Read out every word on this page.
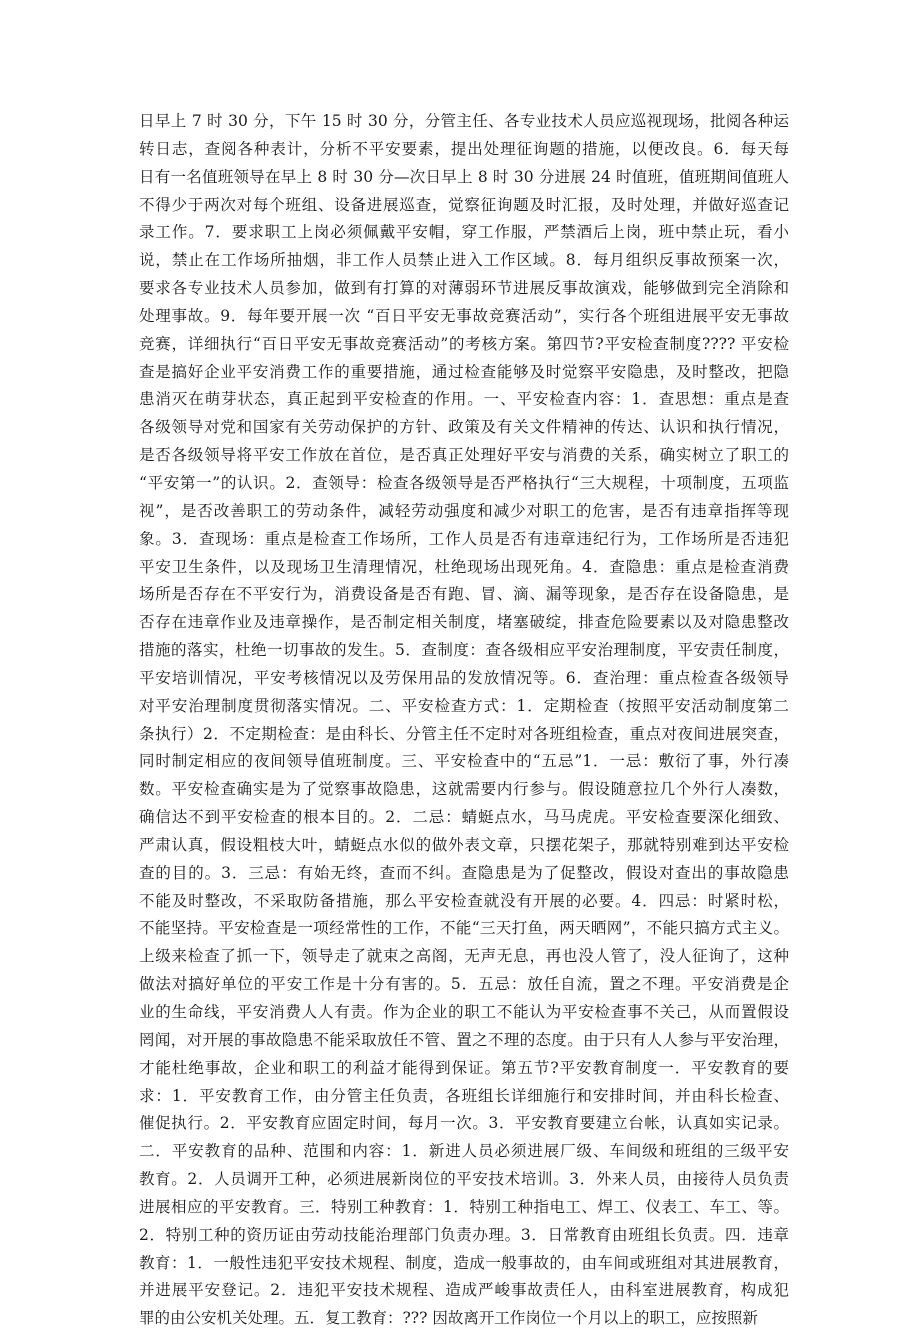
日早上 7 时 30 分，下午 15 时 30 分，分管主任、各专业技术人员应巡视现场，批阅各种运
转日志，查阅各种表计，分析不平安要素，提出处理征询题的措施，以便改良。6．每天每
日有一名值班领导在早上 8 时 30 分—次日早上 8 时 30 分进展 24 时值班，值班期间值班人
不得少于两次对每个班组、设备进展巡查，觉察征询题及时汇报，及时处理，并做好巡查记
录工作。7．要求职工上岗必须佩戴平安帽，穿工作服，严禁酒后上岗，班中禁止玩，看小
说，禁止在工作场所抽烟，非工作人员禁止进入工作区域。8．每月组织反事故预案一次，
要求各专业技术人员参加，做到有打算的对薄弱环节进展反事故演戏，能够做到完全消除和
处理事故。9．每年要开展一次 “百日平安无事故竞赛活动”，实行各个班组进展平安无事故
竞赛，详细执行“百日平安无事故竞赛活动”的考核方案。第四节?平安检查制度???? 平安检
查是搞好企业平安消费工作的重要措施，通过检查能够及时觉察平安隐患，及时整改，把隐
患消灭在萌芽状态，真正起到平安检查的作用。一、平安检查内容：1．查思想：重点是查
各级领导对党和国家有关劳动保护的方针、政策及有关文件精神的传达、认识和执行情况，
是否各级领导将平安工作放在首位，是否真正处理好平安与消费的关系，确实树立了职工的
“平安第一”的认识。2．查领导：检查各级领导是否严格执行“三大规程，十项制度，五项监
视”，是否改善职工的劳动条件，减轻劳动强度和减少对职工的危害，是否有违章指挥等现
象。3．查现场：重点是检查工作场所，工作人员是否有违章违纪行为，工作场所是否违犯
平安卫生条件，以及现场卫生清理情况，杜绝现场出现死角。4．查隐患：重点是检查消费
场所是否存在不平安行为，消费设备是否有跑、冒、滴、漏等现象，是否存在设备隐患，是
否存在违章作业及违章操作，是否制定相关制度，堵塞破绽，排查危险要素以及对隐患整改
措施的落实，杜绝一切事故的发生。5．查制度：查各级相应平安治理制度，平安责任制度，
平安培训情况，平安考核情况以及劳保用品的发放情况等。6．查治理：重点检查各级领导
对平安治理制度贯彻落实情况。二、平安检查方式：1．定期检查（按照平安活动制度第二
条执行）2．不定期检查：是由科长、分管主任不定时对各班组检查，重点对夜间进展突查，
同时制定相应的夜间领导值班制度。三、平安检查中的“五忌”1．一忌：敷衍了事，外行凑
数。平安检查确实是为了觉察事故隐患，这就需要内行参与。假设随意拉几个外行人凑数，
确信达不到平安检查的根本目的。2．二忌：蜻蜓点水，马马虎虎。平安检查要深化细致、
严肃认真，假设粗枝大叶，蜻蜓点水似的做外表文章，只摆花架子，那就特别难到达平安检
查的目的。3．三忌：有始无终，查而不纠。查隐患是为了促整改，假设对查出的事故隐患
不能及时整改，不采取防备措施，那么平安检查就没有开展的必要。4．四忌：时紧时松，
不能坚持。平安检查是一项经常性的工作，不能“三天打鱼，两天晒网”，不能只搞方式主义。
上级来检查了抓一下，领导走了就束之高阁，无声无息，再也没人管了，没人征询了，这种
做法对搞好单位的平安工作是十分有害的。5．五忌：放任自流，置之不理。平安消费是企
业的生命线，平安消费人人有责。作为企业的职工不能认为平安检查事不关己，从而置假设
罔闻，对开展的事故隐患不能采取放任不管、置之不理的态度。由于只有人人参与平安治理，
才能杜绝事故，企业和职工的利益才能得到保证。第五节?平安教育制度一．平安教育的要
求：1．平安教育工作，由分管主任负责，各班组长详细施行和安排时间，并由科长检查、
催促执行。2．平安教育应固定时间，每月一次。3．平安教育要建立台帐，认真如实记录。
二．平安教育的品种、范围和内容：1．新进人员必须进展厂级、车间级和班组的三级平安
教育。2．人员调开工种，必须进展新岗位的平安技术培训。3．外来人员，由接待人员负责
进展相应的平安教育。三．特别工种教育：1．特别工种指电工、焊工、仪表工、车工、等。
2．特别工种的资历证由劳动技能治理部门负责办理。3．日常教育由班组长负责。四．违章
教育：1．一般性违犯平安技术规程、制度，造成一般事故的，由车间或班组对其进展教育，
并进展平安登记。2．违犯平安技术规程、造成严峻事故责任人，由科室进展教育，构成犯
罪的由公安机关处理。五．复工教育：??? 因故离开工作岗位一个月以上的职工，应按照新
